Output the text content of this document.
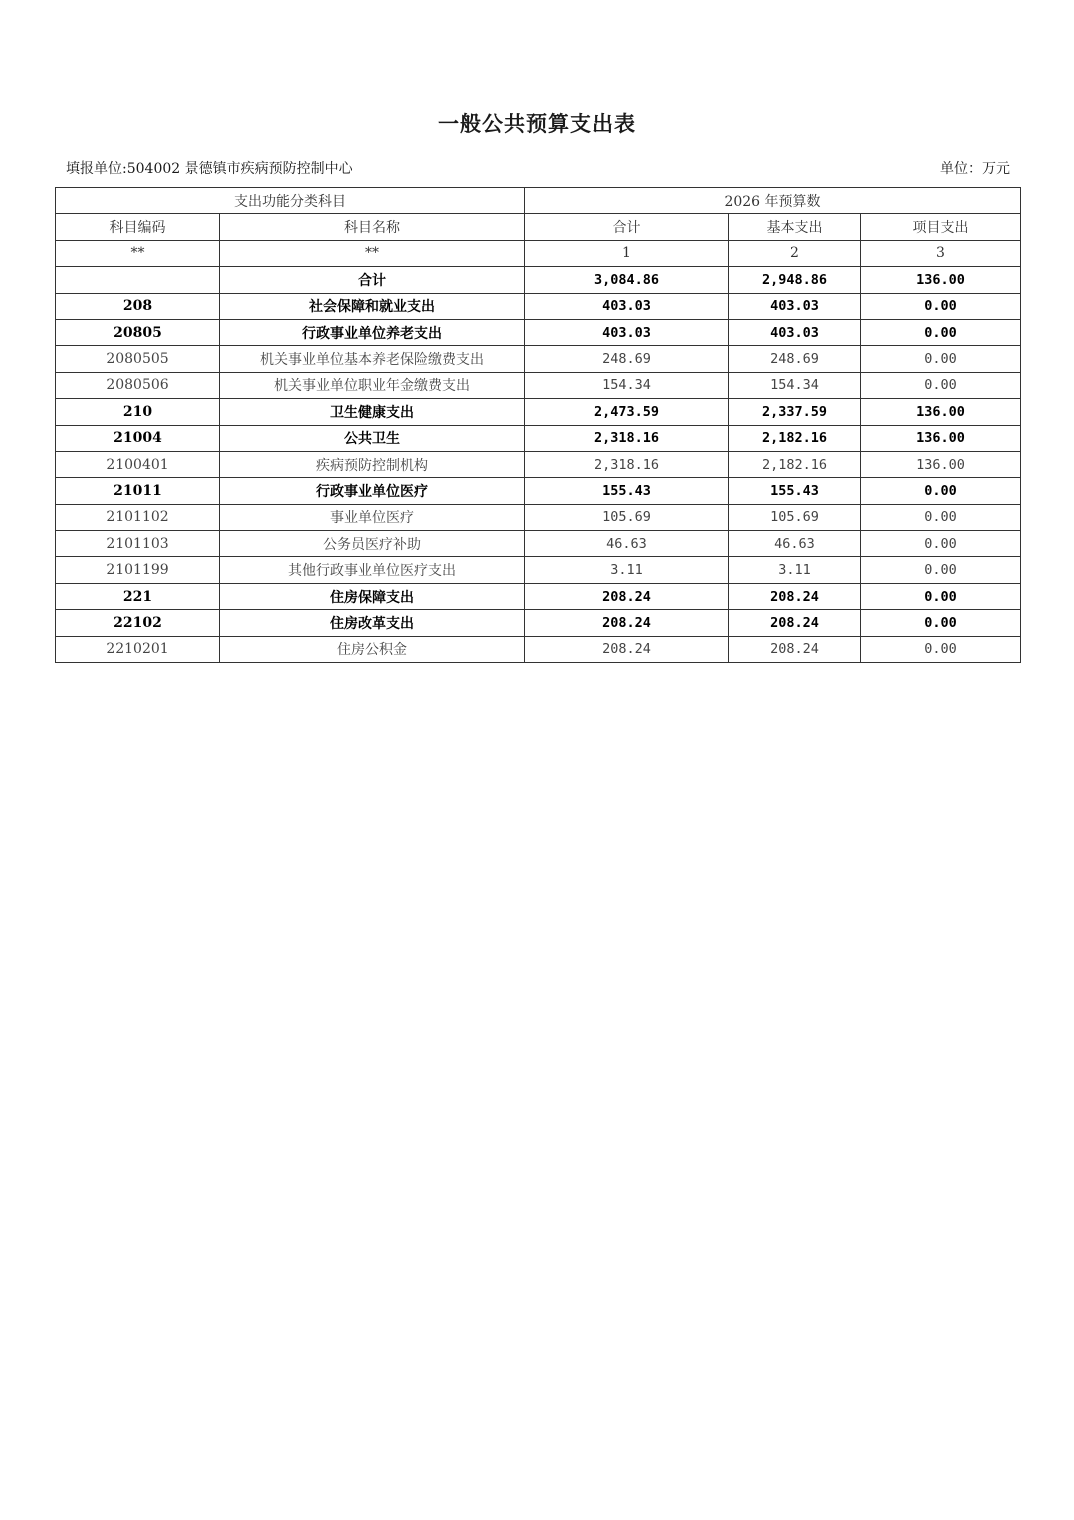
一般公共预算支出表
填报单位:504002 景德镇市疾病预防控制中心	单位：万元
支出功能分类科目		2026 年预算数		
科目编码	科目名称	合计	基本支出	项目支出
**	**	1	2	3
	合计	3,084.86	2,948.86	136.00
208	社会保障和就业支出	403.03	403.03	0.00
20805	行政事业单位养老支出	403.03	403.03	0.00
2080505	机关事业单位基本养老保险缴费支出	248.69	248.69	0.00
2080506	机关事业单位职业年金缴费支出	154.34	154.34	0.00
210	卫生健康支出	2,473.59	2,337.59	136.00
21004	公共卫生	2,318.16	2,182.16	136.00
2100401	疾病预防控制机构	2,318.16	2,182.16	136.00
21011	行政事业单位医疗	155.43	155.43	0.00
2101102	事业单位医疗	105.69	105.69	0.00
2101103	公务员医疗补助	46.63	46.63	0.00
2101199	其他行政事业单位医疗支出	3.11	3.11	0.00
221	住房保障支出	208.24	208.24	0.00
22102	住房改革支出	208.24	208.24	0.00
2210201	住房公积金	208.24	208.24	0.00
